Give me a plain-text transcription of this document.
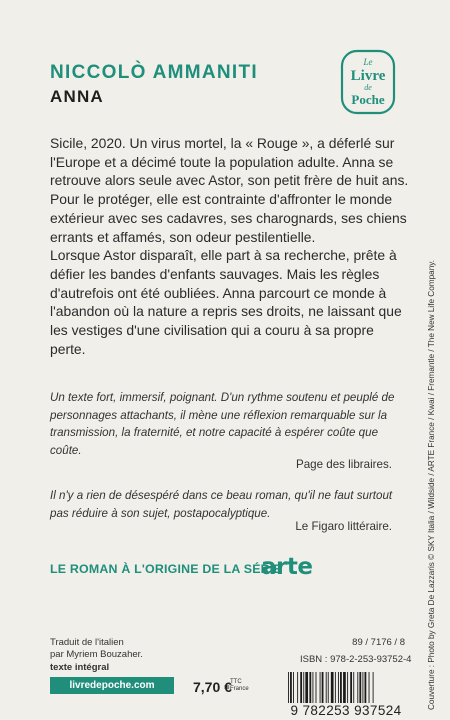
NICCOLÒ AMMANITI
ANNA
Le
Livre
de
Poche

Sicile, 2020. Un virus mortel, la « Rouge », a déferlé sur l'Europe et a décimé toute la population adulte. Anna se retrouve alors seule avec Astor, son petit frère de huit ans. Pour le protéger, elle est contrainte d'affronter le monde extérieur avec ses cadavres, ses charognards, ses chiens errants et affamés, son odeur pestilentielle.

Lorsque Astor disparaît, elle part à sa recherche, prête à défier les bandes d'enfants sauvages. Mais les règles d'autrefois ont été oubliées. Anna parcourt ce monde à l'abandon où la nature a repris ses droits, ne laissant que les vestiges d'une civilisation qui a couru à sa propre perte.

Un texte fort, immersif, poignant. D'un rythme soutenu et peuplé de personnages attachants, il mène une réflexion remarquable sur la transmission, la fraternité, et notre capacité à espérer coûte que coûte.
Page des libraires.
Il n'y a rien de désespéré dans ce beau roman, qu'il ne faut surtout pas réduire à son sujet, postapocalyptique.
Le Figaro littéraire.
LE ROMAN À L'ORIGINE DE LA SÉRIE
arte	Couverture : Photo by Greta De Lazzaris © SKY Italia / Wildside / ARTE France / Kwai / Fremantle / The New Life Company.
Traduit de l'italien
par Myriem Bouzaher.
texte intégral
livredepoche.com	7,70 €
TTC
France
89 / 7176 / 8
ISBN : 978-2-253-93752-4
9 782253 937524
